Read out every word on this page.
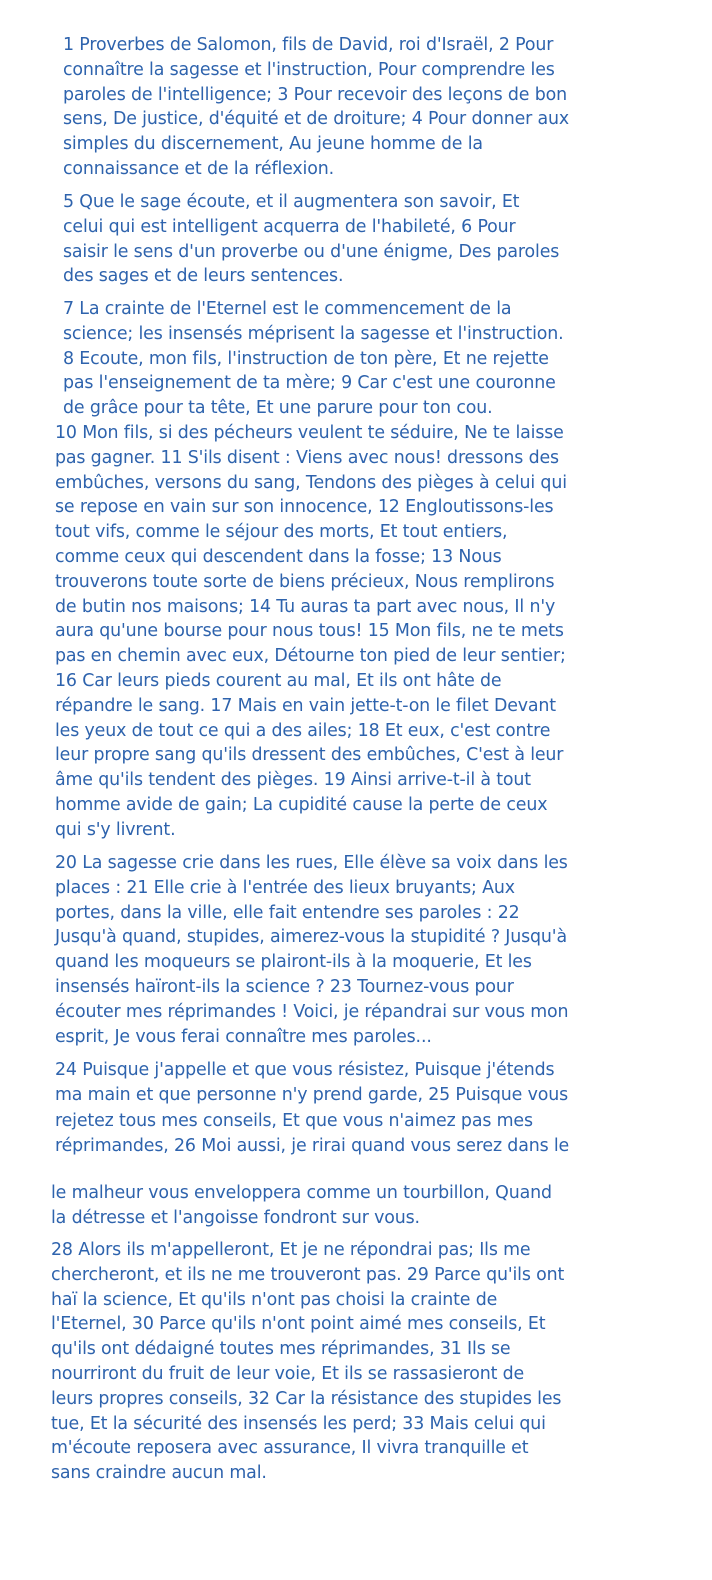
1 Proverbes de Salomon, fils de David, roi d'Israël, 2 Pour connaître la sagesse et l'instruction, Pour comprendre les paroles de l'intelligence; 3 Pour recevoir des leçons de bon sens, De justice, d'équité et de droiture; 4 Pour donner aux simples du discernement, Au jeune homme de la connaissance et de la réflexion.

5 Que le sage écoute, et il augmentera son savoir, Et celui qui est intelligent acquerra de l'habileté, 6 Pour saisir le sens d'un proverbe ou d'une énigme, Des paroles des sages et de leurs sentences.

7 La crainte de l'Eternel est le commencement de la science; les insensés méprisent la sagesse et l'instruction. 8 Ecoute, mon fils, l'instruction de ton père, Et ne rejette pas l'enseignement de ta mère; 9 Car c'est une couronne de grâce pour ta tête, Et une parure pour ton cou.

10 Mon fils, si des pécheurs veulent te séduire, Ne te laisse pas gagner. 11 S'ils disent : Viens avec nous! dressons des embûches, versons du sang, Tendons des pièges à celui qui se repose en vain sur son innocence, 12 Engloutissons-les tout vifs, comme le séjour des morts, Et tout entiers, comme ceux qui descendent dans la fosse; 13 Nous trouverons toute sorte de biens précieux, Nous remplirons de butin nos maisons; 14 Tu auras ta part avec nous, Il n'y aura qu'une bourse pour nous tous! 15 Mon fils, ne te mets pas en chemin avec eux, Détourne ton pied de leur sentier; 16 Car leurs pieds courent au mal, Et ils ont hâte de répandre le sang. 17 Mais en vain jette-t-on le filet Devant les yeux de tout ce qui a des ailes; 18 Et eux, c'est contre leur propre sang qu'ils dressent des embûches, C'est à leur âme qu'ils tendent des pièges. 19 Ainsi arrive-t-il à tout homme avide de gain; La cupidité cause la perte de ceux qui s'y livrent.

20 La sagesse crie dans les rues, Elle élève sa voix dans les places : 21 Elle crie à l'entrée des lieux bruyants; Aux portes, dans la ville, elle fait entendre ses paroles : 22 Jusqu'à quand, stupides, aimerez-vous la stupidité ? Jusqu'à quand les moqueurs se plairont-ils à la moquerie, Et les insensés haïront-ils la science ? 23 Tournez-vous pour écouter mes réprimandes ! Voici, je répandrai sur vous mon esprit, Je vous ferai connaître mes paroles...

24 Puisque j'appelle et que vous résistez, Puisque j'étends ma main et que personne n'y prend garde, 25 Puisque vous rejetez tous mes conseils, Et que vous n'aimez pas mes réprimandes, 26 Moi aussi, je rirai quand vous serez dans le

le malheur vous enveloppera comme un tourbillon, Quand la détresse et l'angoisse fondront sur vous.

28 Alors ils m'appelleront, Et je ne répondrai pas; Ils me chercheront, et ils ne me trouveront pas. 29 Parce qu'ils ont haï la science, Et qu'ils n'ont pas choisi la crainte de l'Eternel, 30 Parce qu'ils n'ont point aimé mes conseils, Et qu'ils ont dédaigné toutes mes réprimandes, 31 Ils se nourriront du fruit de leur voie, Et ils se rassasieront de leurs propres conseils, 32 Car la résistance des stupides les tue, Et la sécurité des insensés les perd; 33 Mais celui qui m'écoute reposera avec assurance, Il vivra tranquille et sans craindre aucun mal.
